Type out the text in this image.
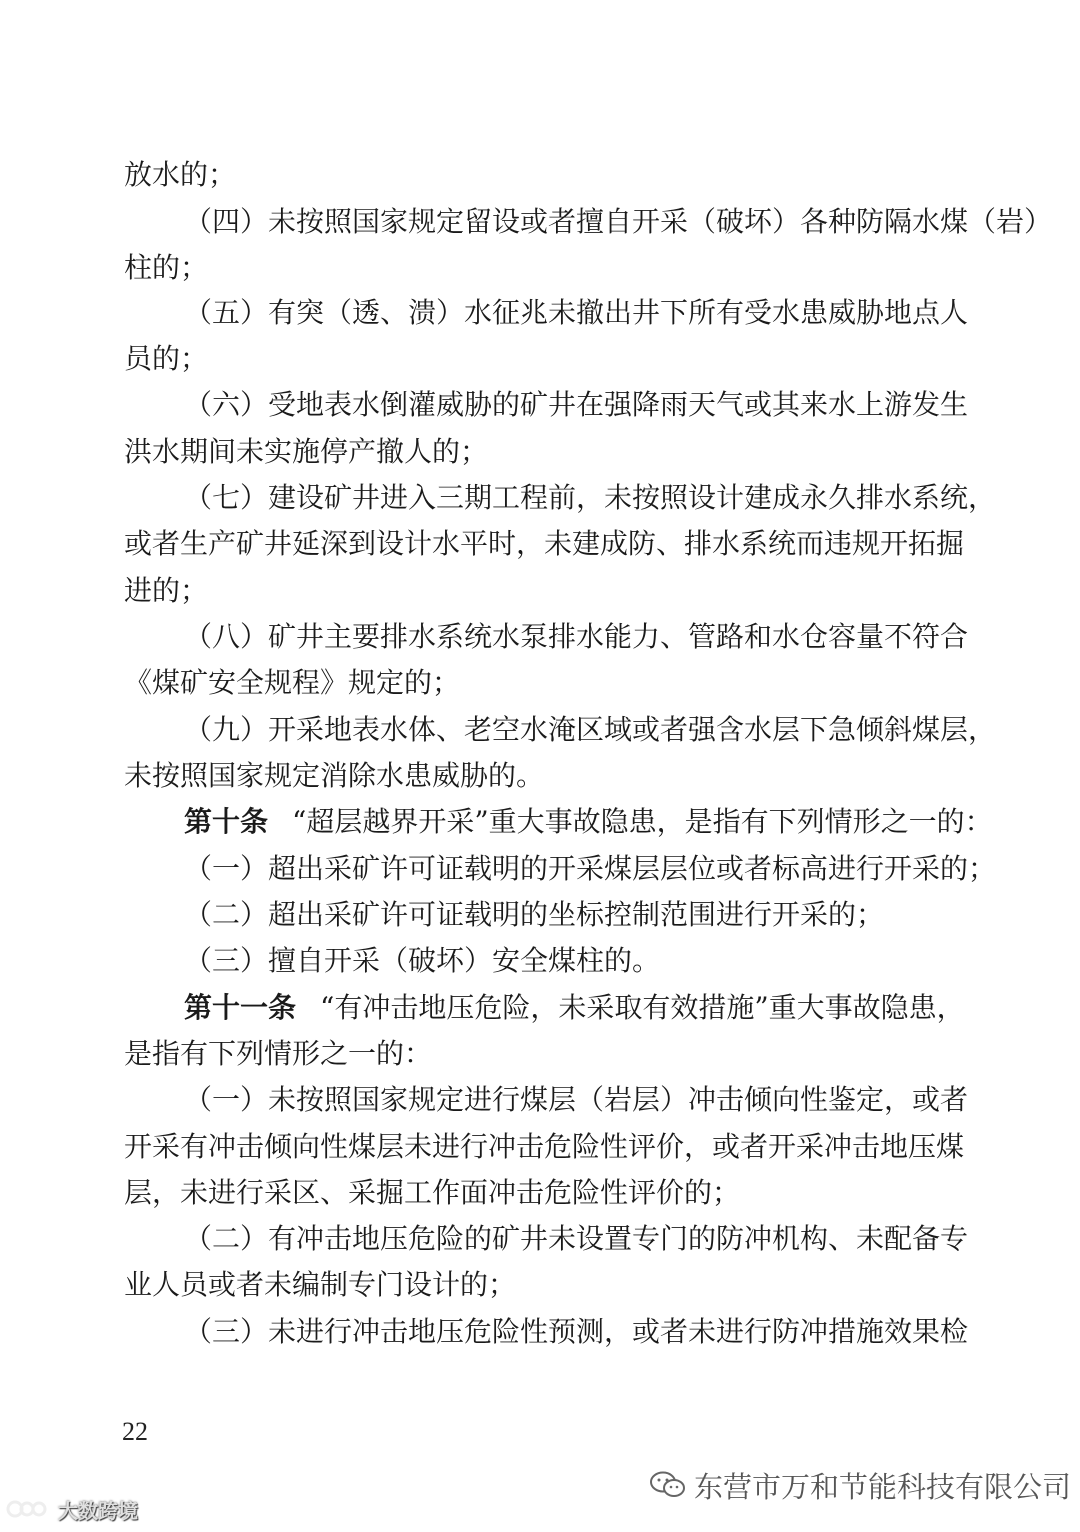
放水的；
（四）未按照国家规定留设或者擅自开采（破坏）各种防隔水煤（岩）
柱的；
（五）有突（透、溃）水征兆未撤出井下所有受水患威胁地点人
员的；
（六）受地表水倒灌威胁的矿井在强降雨天气或其来水上游发生
洪水期间未实施停产撤人的；
（七）建设矿井进入三期工程前，未按照设计建成永久排水系统，
或者生产矿井延深到设计水平时，未建成防、排水系统而违规开拓掘
进的；
（八）矿井主要排水系统水泵排水能力、管路和水仓容量不符合
《煤矿安全规程》规定的；
（九）开采地表水体、老空水淹区域或者强含水层下急倾斜煤层，
未按照国家规定消除水患威胁的。
第十条 “超层越界开采”重大事故隐患，是指有下列情形之一的：
（一）超出采矿许可证载明的开采煤层层位或者标高进行开采的；
（二）超出采矿许可证载明的坐标控制范围进行开采的；
（三）擅自开采（破坏）安全煤柱的。
第十一条 “有冲击地压危险，未采取有效措施”重大事故隐患，
是指有下列情形之一的：
（一）未按照国家规定进行煤层（岩层）冲击倾向性鉴定，或者
开采有冲击倾向性煤层未进行冲击危险性评价，或者开采冲击地压煤
层，未进行采区、采掘工作面冲击危险性评价的；
（二）有冲击地压危险的矿井未设置专门的防冲机构、未配备专
业人员或者未编制专门设计的；
（三）未进行冲击地压危险性预测，或者未进行防冲措施效果检
22
东营市万和节能科技有限公司
大数跨境
